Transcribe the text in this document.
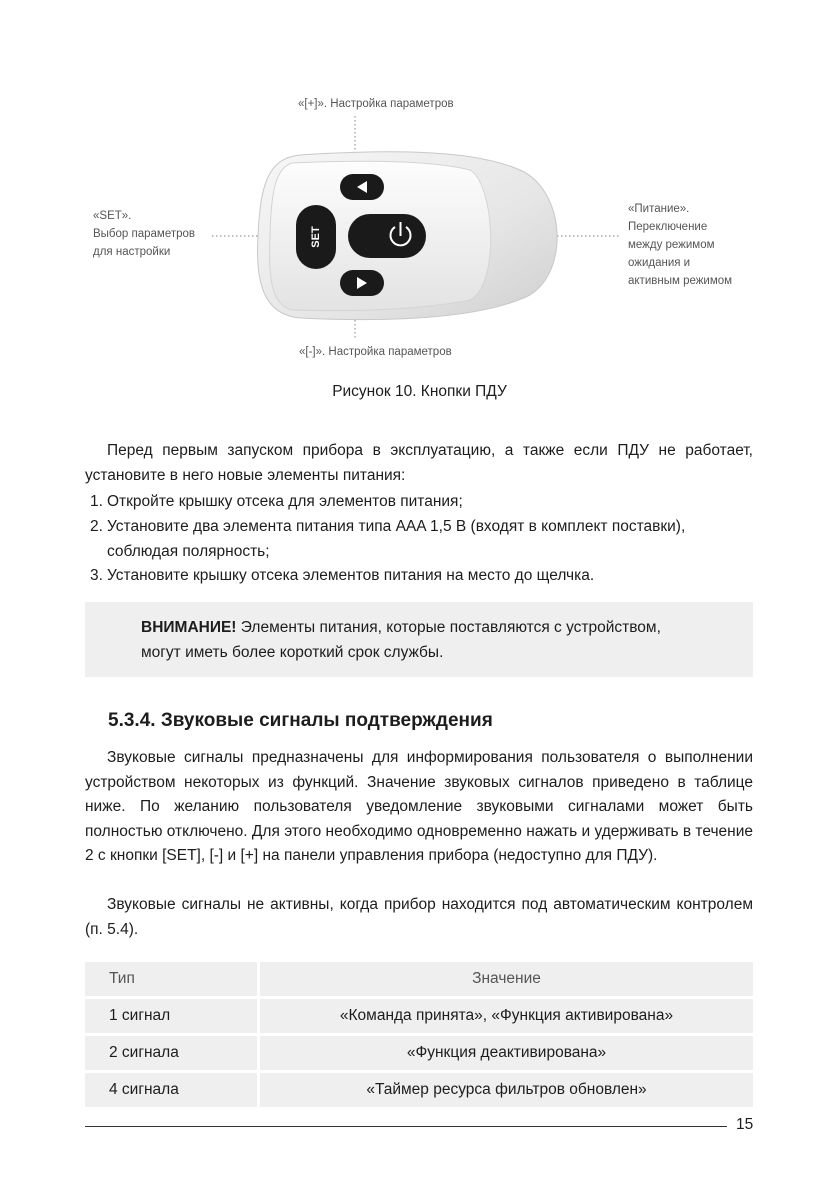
«[+]». Настройка параметров
«SET».
Выбор параметров
для настройки
«Питание».
Переключение
между режимом
ожидания и
активным режимом
«[-]». Настройка параметров
SET
Рисунок 10. Кнопки ПДУ
Перед первым запуском прибора в эксплуатацию, а также если ПДУ не работает, установите в него новые элементы питания:
1. Откройте крышку отсека для элементов питания;
2. Установите два элемента питания типа AAA 1,5 В (входят в комплект поставки), соблюдая полярность;
3. Установите крышку отсека элементов питания на место до щелчка.
ВНИМАНИЕ! Элементы питания, которые поставляются с устройством, могут иметь более короткий срок службы.
5.3.4. Звуковые сигналы подтверждения
Звуковые сигналы предназначены для информирования пользователя о выполнении устройством некоторых из функций. Значение звуковых сигналов приведено в таблице ниже. По желанию пользователя уведомление звуковыми сигналами может быть полностью отключено. Для этого необходимо одновременно нажать и удерживать в течение 2 с кнопки [SET], [-] и [+] на панели управления прибора (недоступно для ПДУ).
Звуковые сигналы не активны, когда прибор находится под автоматическим контролем (п. 5.4).
Тип	Значение
1 сигнал	«Команда принята», «Функция активирована»
2 сигнала	«Функция деактивирована»
4 сигнала	«Таймер ресурса фильтров обновлен»
15
